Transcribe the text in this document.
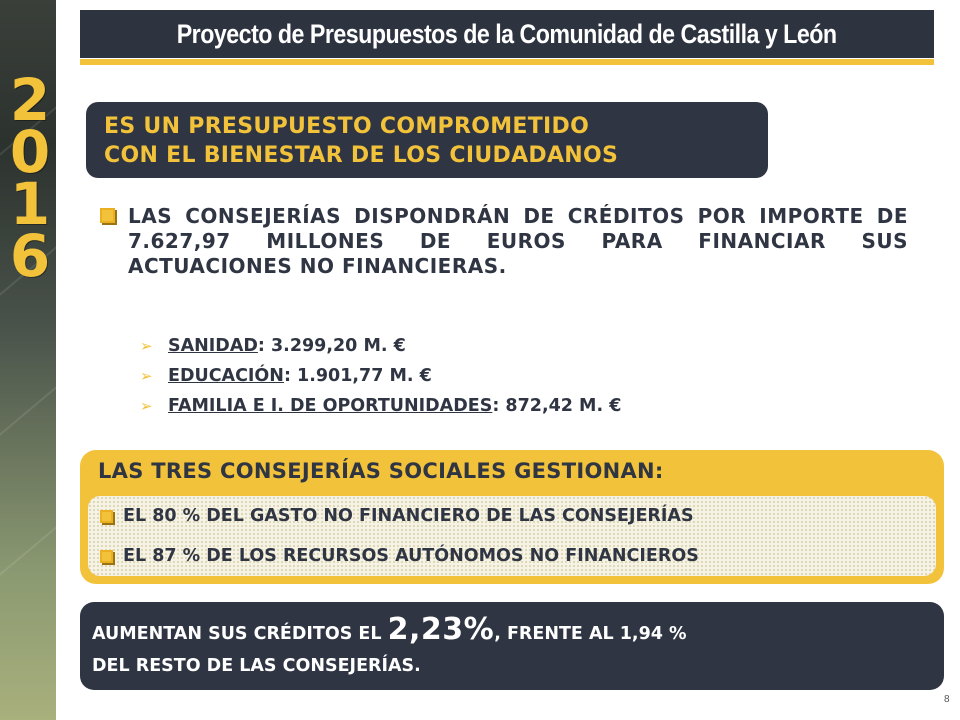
2
0
1
6
Proyecto de Presupuestos de la Comunidad de Castilla y León
ES UN PRESUPUESTO COMPROMETIDO
CON EL BIENESTAR DE LOS CIUDADANOS
LAS CONSEJERÍAS DISPONDRÁN DE CRÉDITOS POR IMPORTE DE 7.627,97 MILLONES DE EUROS PARA FINANCIAR SUS ACTUACIONES NO FINANCIERAS.
➢ SANIDAD : 3.299,20 M. €
➢ EDUCACIÓN : 1.901,77 M. €
➢ FAMILIA E I. DE OPORTUNIDADES : 872,42 M. €
LAS TRES CONSEJERÍAS SOCIALES GESTIONAN:
EL 80 % DEL GASTO NO FINANCIERO DE LAS CONSEJERÍAS
EL 87 % DE LOS RECURSOS AUTÓNOMOS NO FINANCIEROS
AUMENTAN SUS CRÉDITOS EL 2,23%, FRENTE AL 1,94 %
DEL RESTO DE LAS CONSEJERÍAS.
8
